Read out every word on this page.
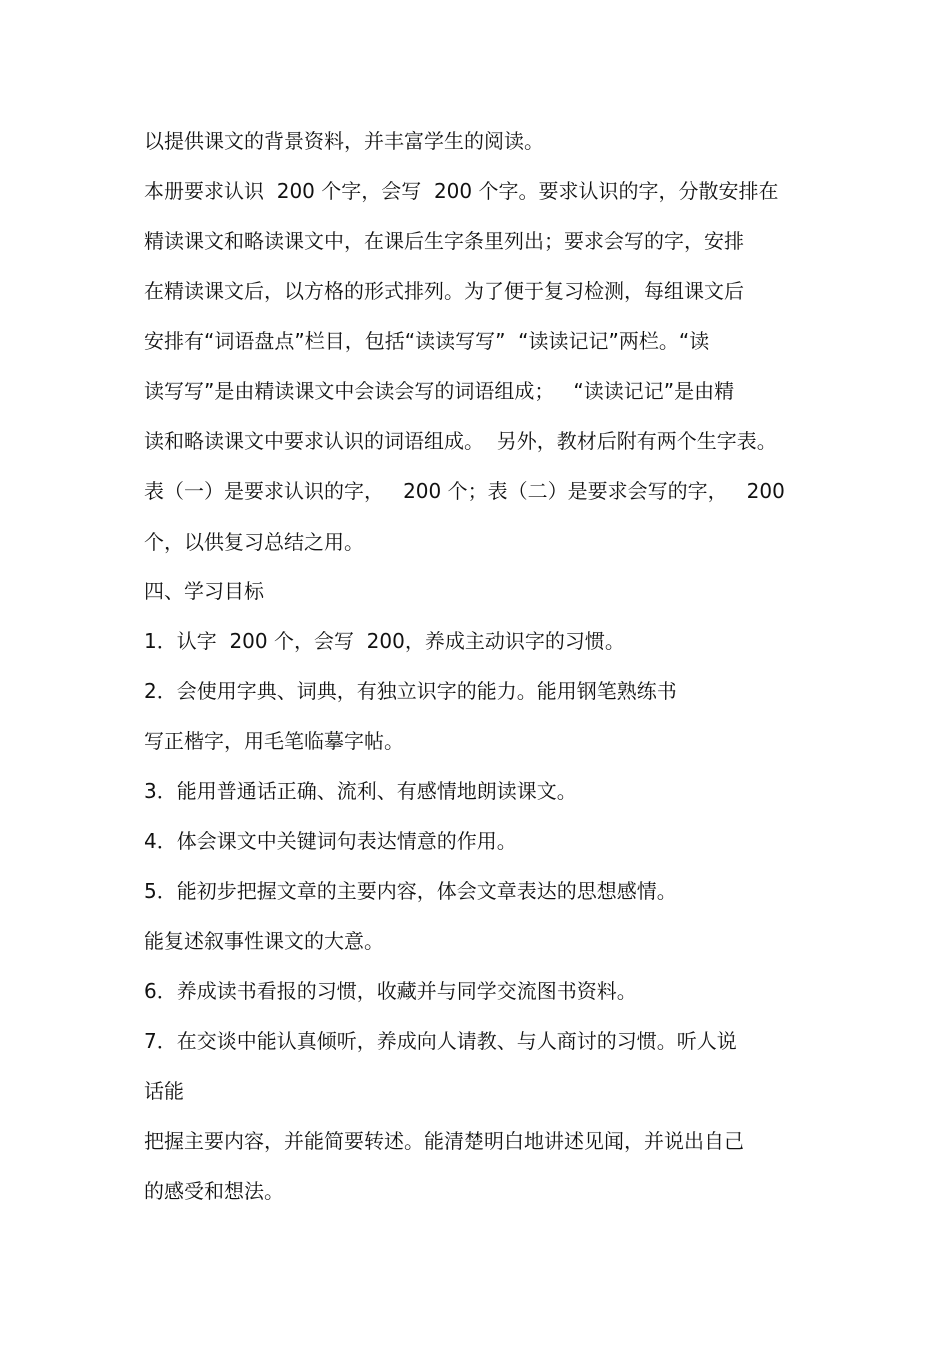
以提供课文的背景资料，并丰富学生的阅读。
本册要求认识  200 个字，会写  200 个字。要求认识的字，分散安排在
精读课文和略读课文中，在课后生字条里列出；要求会写的字，安排
在精读课文后，以方格的形式排列。为了便于复习检测，每组课文后
安排有“词语盘点”栏目，包括“读读写写”  “读读记记”两栏。“读
读写写”是由精读课文中会读会写的词语组成；   “读读记记”是由精
读和略读课文中要求认识的词语组成。  另外，教材后附有两个生字表。
表（一）是要求认识的字，   200 个；表（二）是要求会写的字，   200
个，以供复习总结之用。
四、学习目标
1．认字  200 个，会写  200，养成主动识字的习惯。
2．会使用字典、词典，有独立识字的能力。能用钢笔熟练书
写正楷字，用毛笔临摹字帖。
3．能用普通话正确、流利、有感情地朗读课文。
4．体会课文中关键词句表达情意的作用。
5．能初步把握文章的主要内容，体会文章表达的思想感情。
能复述叙事性课文的大意。
6．养成读书看报的习惯，收藏并与同学交流图书资料。
7．在交谈中能认真倾听，养成向人请教、与人商讨的习惯。听人说
话能
把握主要内容，并能简要转述。能清楚明白地讲述见闻，并说出自己
的感受和想法。
